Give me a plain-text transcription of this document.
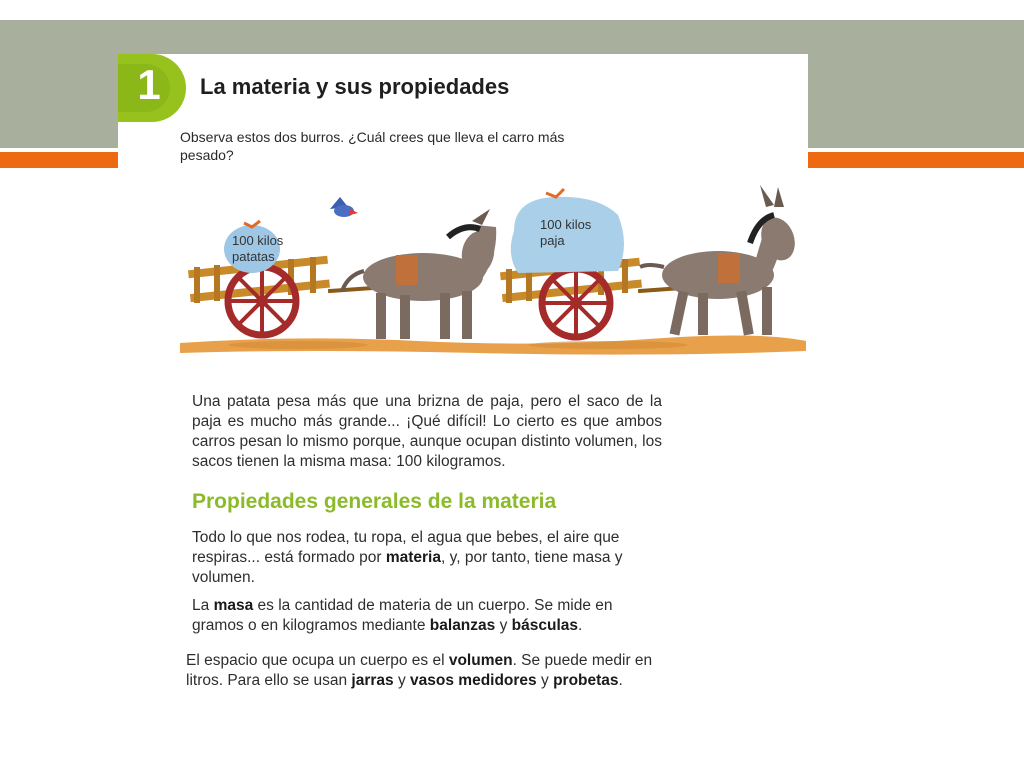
1 La materia y sus propiedades
Observa estos dos burros. ¿Cuál crees que lleva el carro más pesado?
100 kilos
patatas
100 kilos
paja
Una patata pesa más que una brizna de paja, pero el saco de la paja es mucho más grande... ¡Qué difícil! Lo cierto es que ambos carros pesan lo mismo porque, aunque ocupan distinto volumen, los sacos tienen la misma masa: 100 kilogramos.
Propiedades generales de la materia
Todo lo que nos rodea, tu ropa, el agua que bebes, el aire que respiras... está formado por materia, y, por tanto, tiene masa y volumen.
La masa es la cantidad de materia de un cuerpo. Se mide en gramos o en kilogramos mediante balanzas y básculas.
El espacio que ocupa un cuerpo es el volumen. Se puede medir en litros. Para ello se usan jarras y vasos medidores y probetas.
